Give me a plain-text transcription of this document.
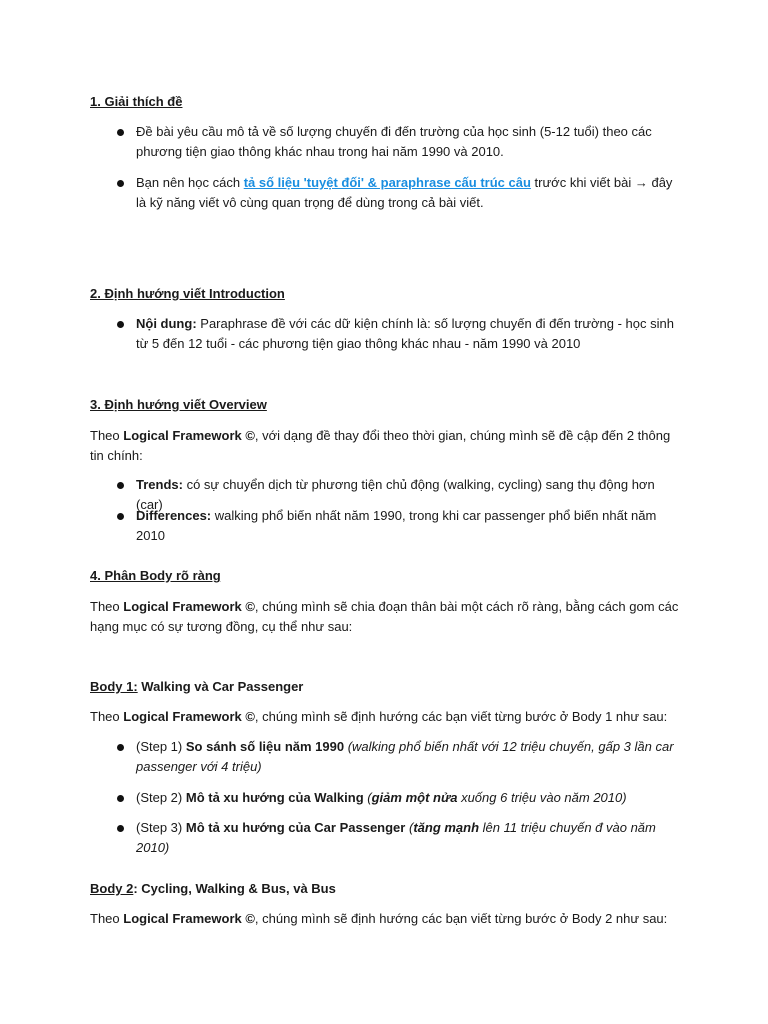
1. Giải thích đề

Đề bài yêu cầu mô tả về số lượng chuyến đi đến trường của học sinh (5-12 tuổi) theo các phương tiện giao thông khác nhau trong hai năm 1990 và 2010.

Bạn nên học cách tả số liệu 'tuyệt đối' & paraphrase cấu trúc câu trước khi viết bài → đây là kỹ năng viết vô cùng quan trọng để dùng trong cả bài viết.

2. Định hướng viết Introduction

Nội dung: Paraphrase đề với các dữ kiện chính là: số lượng chuyến đi đến trường - học sinh từ 5 đến 12 tuổi - các phương tiện giao thông khác nhau - năm 1990 và 2010

3. Định hướng viết Overview

Theo Logical Framework ©, với dạng đề thay đổi theo thời gian, chúng mình sẽ đề cập đến 2 thông tin chính:

Trends: có sự chuyển dịch từ phương tiện chủ động (walking, cycling) sang thụ động hơn (car)

Differences: walking phổ biến nhất năm 1990, trong khi car passenger phổ biến nhất năm 2010

4. Phân Body rõ ràng

Theo Logical Framework ©, chúng mình sẽ chia đoạn thân bài một cách rõ ràng, bằng cách gom các hạng mục có sự tương đồng, cụ thể như sau:

Body 1: Walking và Car Passenger

Theo Logical Framework ©, chúng mình sẽ định hướng các bạn viết từng bước ở Body 1 như sau:

(Step 1) So sánh số liệu năm 1990 (walking phổ biến nhất với 12 triệu chuyến, gấp 3 lần car passenger với 4 triệu)

(Step 2) Mô tả xu hướng của Walking (giảm một nửa xuống 6 triệu vào năm 2010)

(Step 3) Mô tả xu hướng của Car Passenger (tăng mạnh lên 11 triệu chuyến đ vào năm 2010)

Body 2: Cycling, Walking & Bus, và Bus

Theo Logical Framework ©, chúng mình sẽ định hướng các bạn viết từng bước ở Body 2 như sau:
